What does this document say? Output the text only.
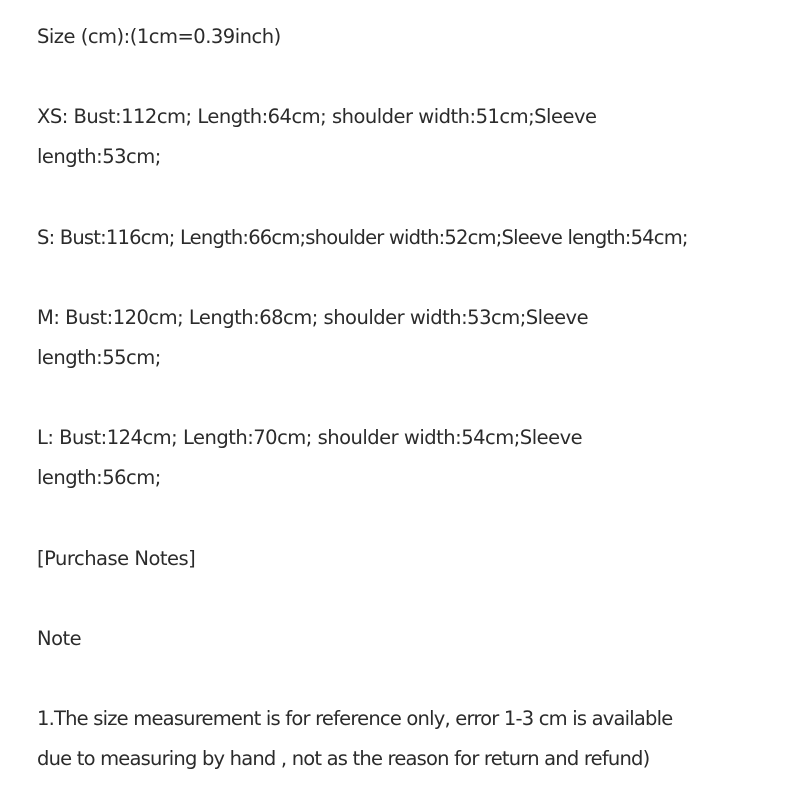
Size (cm):(1cm=0.39inch)

XS: Bust:112cm; Length:64cm; shoulder width:51cm;Sleeve

length:53cm;

S: Bust:116cm; Length:66cm;shoulder width:52cm;Sleeve length:54cm;

M: Bust:120cm; Length:68cm; shoulder width:53cm;Sleeve

length:55cm;

L: Bust:124cm; Length:70cm; shoulder width:54cm;Sleeve

length:56cm;

[Purchase Notes]

Note

1.The size measurement is for reference only, error 1-3 cm is available

due to measuring by hand , not as the reason for return and refund)
